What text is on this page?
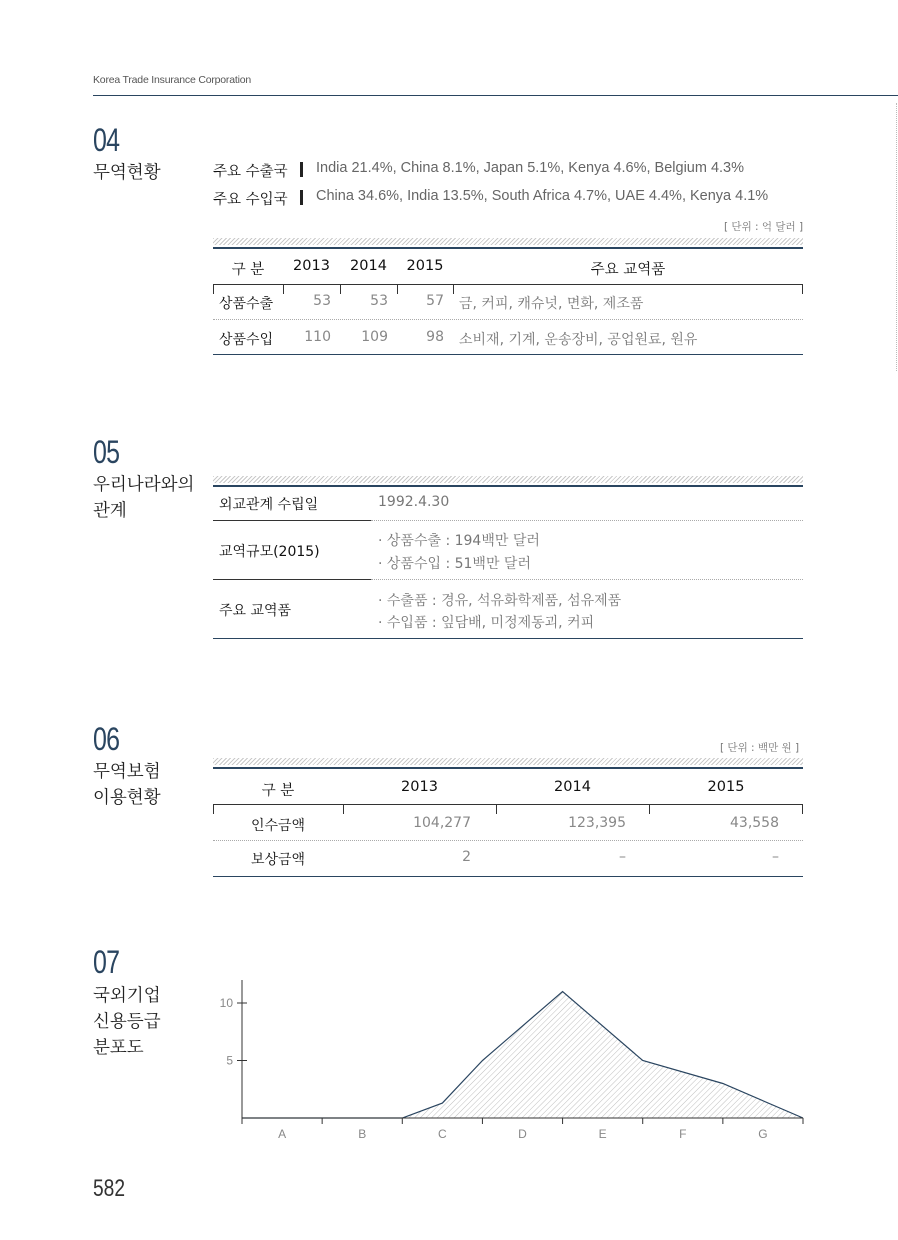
Korea Trade Insurance Corporation
04
무역현황	주요 수출국 India 21.4%, China 8.1%, Japan 5.1%, Kenya 4.6%, Belgium 4.3%
주요 수입국 China 34.6%, India 13.5%, South Africa 4.7%, UAE 4.4%, Kenya 4.1%
[ 단위 : 억 달러 ]
구 분	2013	2014	2015	주요 교역품
상품수출	53	53	57 금, 커피, 캐슈넛, 면화, 제조품
상품수입	110	109	98 소비재, 기계, 운송장비, 공업원료, 원유
05
우리나라와의
관계	외교관계 수립일	1992.4.30
교역규모(2015)
· 상품수출 : 194백만 달러
· 상품수입 : 51백만 달러
주요 교역품
· 수출품 : 경유, 석유화학제품, 섬유제품
· 수입품 : 잎담배, 미정제동괴, 커피
06
무역보험
이용현황
[ 단위 : 백만 원 ]
구 분	2013	2014	2015
인수금액	104,277	123,395	43,558
보상금액	2	–	–
07
국외기업
신용등급
분포도
5
10
A	B	C	D	E	F	G
582
